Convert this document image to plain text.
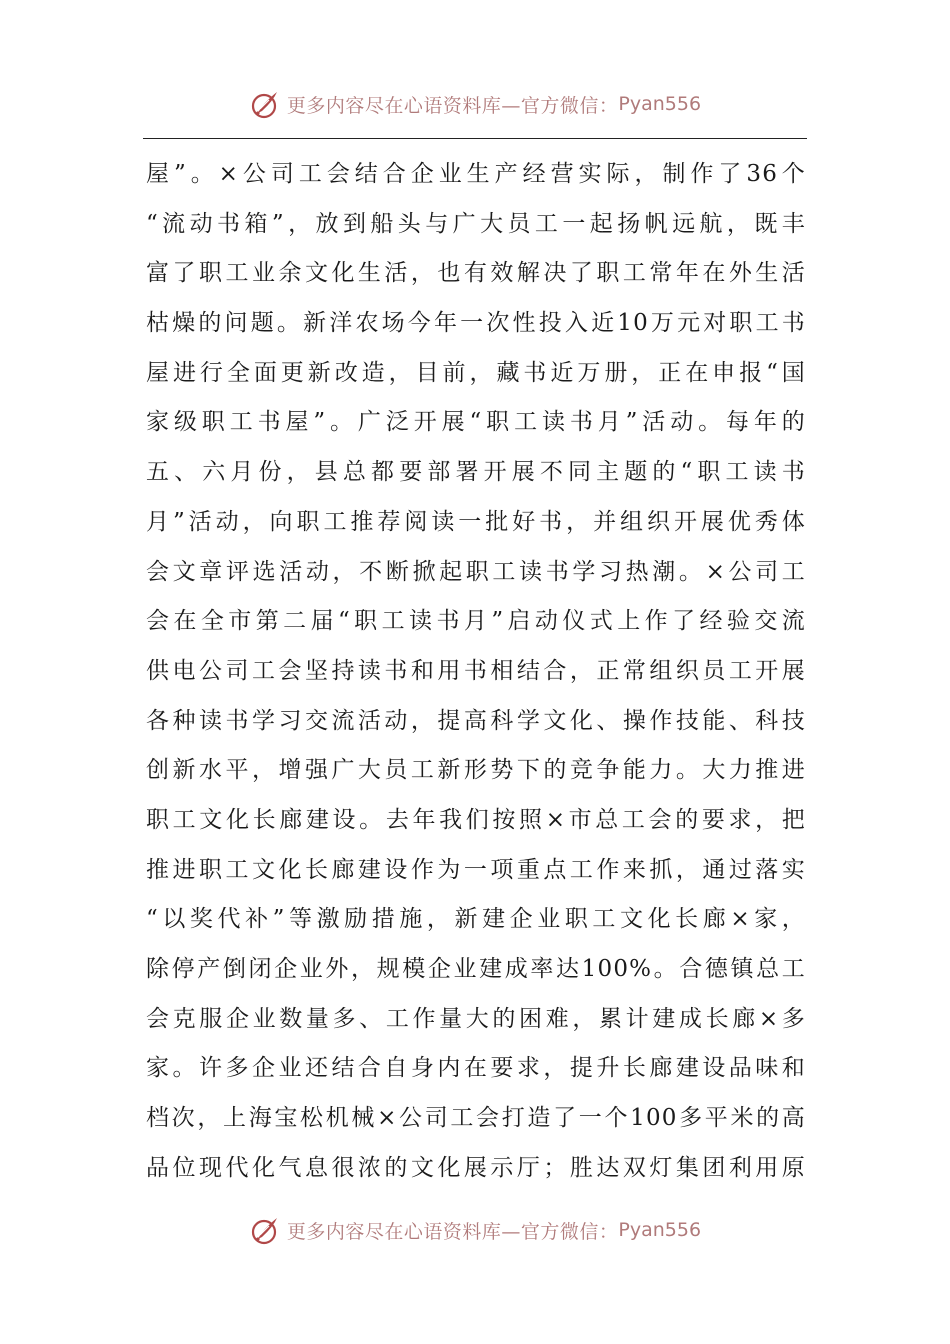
更多内容尽在心语资料库—官方微信： Pyan556
屋”。×公司工会结合企业生产经营实际，制作了36个
“流动书箱”，放到船头与广大员工一起扬帆远航，既丰
富了职工业余文化生活，也有效解决了职工常年在外生活
枯燥的问题。新洋农场今年一次性投入近10万元对职工书
屋进行全面更新改造，目前，藏书近万册，正在申报“国
家级职工书屋”。广泛开展“职工读书月”活动。每年的
五、六月份，县总都要部署开展不同主题的“职工读书
月”活动，向职工推荐阅读一批好书，并组织开展优秀体
会文章评选活动，不断掀起职工读书学习热潮。×公司工
会在全市第二届“职工读书月”启动仪式上作了经验交流
供电公司工会坚持读书和用书相结合，正常组织员工开展
各种读书学习交流活动，提高科学文化、操作技能、科技
创新水平，增强广大员工新形势下的竞争能力。大力推进
职工文化长廊建设。去年我们按照×市总工会的要求，把
推进职工文化长廊建设作为一项重点工作来抓，通过落实
“以奖代补”等激励措施，新建企业职工文化长廊×家，
除停产倒闭企业外，规模企业建成率达100%。合德镇总工
会克服企业数量多、工作量大的困难，累计建成长廊×多
家。许多企业还结合自身内在要求，提升长廊建设品味和
档次，上海宝松机械×公司工会打造了一个100多平米的高
品位现代化气息很浓的文化展示厅；胜达双灯集团利用原
更多内容尽在心语资料库—官方微信： Pyan556
